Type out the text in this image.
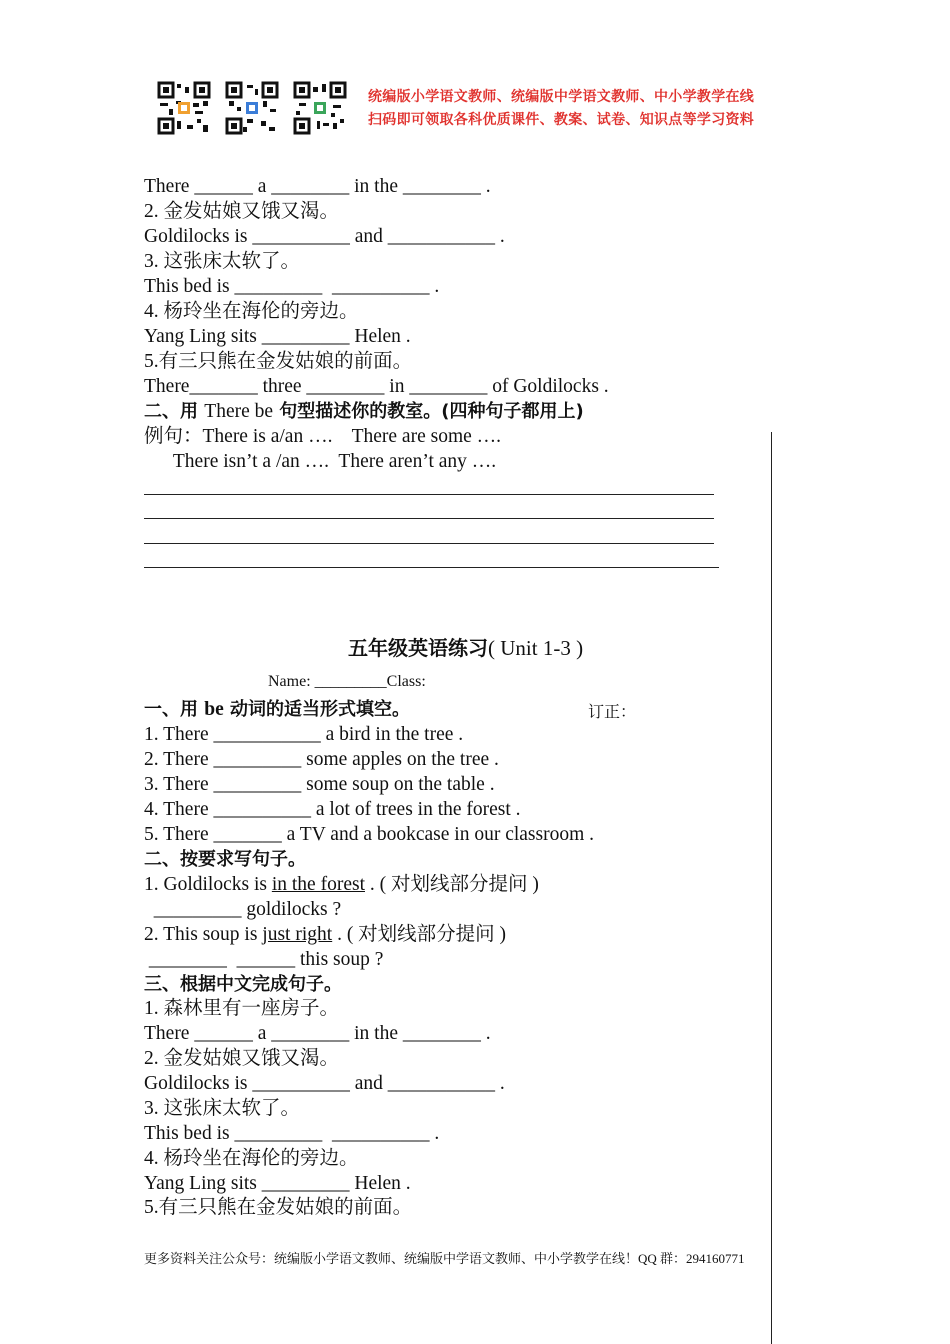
统编版小学语文教师、统编版中学语文教师、中小学教学在线
扫码即可领取各科优质课件、教案、试卷、知识点等学习资料
There ______ a ________ in the ________ .
2. 金发姑娘又饿又渴。
Goldilocks is __________ and ___________ .
3. 这张床太软了。
This bed is _________  __________ .
4. 杨玲坐在海伦的旁边。
Yang Ling sits _________ Helen .
5.有三只熊在金发姑娘的前面。
There_______ three ________ in ________ of Goldilocks .
二、用 There be 句型描述你的教室。(四种句子都用上)
例句：There is a/an ….    There are some ….
There isn’t a /an ….  There aren’t any ….
五年级英语练习( Unit 1-3 )
Name: _________Class:
订正：
一、用 be 动词的适当形式填空。
1. There ___________ a bird in the tree .
2. There _________ some apples on the tree .
3. There _________ some soup on the table .
4. There __________ a lot of trees in the forest .
5. There _______ a TV and a bookcase in our classroom .
二、按要求写句子。
1. Goldilocks is in the forest . ( 对划线部分提问 )
_________ goldilocks ?
2. This soup is just right . ( 对划线部分提问 )
________  ______ this soup ?
三、根据中文完成句子。
1. 森林里有一座房子。
There ______ a ________ in the ________ .
2. 金发姑娘又饿又渴。
Goldilocks is __________ and ___________ .
3. 这张床太软了。
This bed is _________  __________ .
4. 杨玲坐在海伦的旁边。
Yang Ling sits _________ Helen .
5.有三只熊在金发姑娘的前面。
更多资料关注公众号：统编版小学语文教师、统编版中学语文教师、中小学教学在线！QQ 群：294160771
